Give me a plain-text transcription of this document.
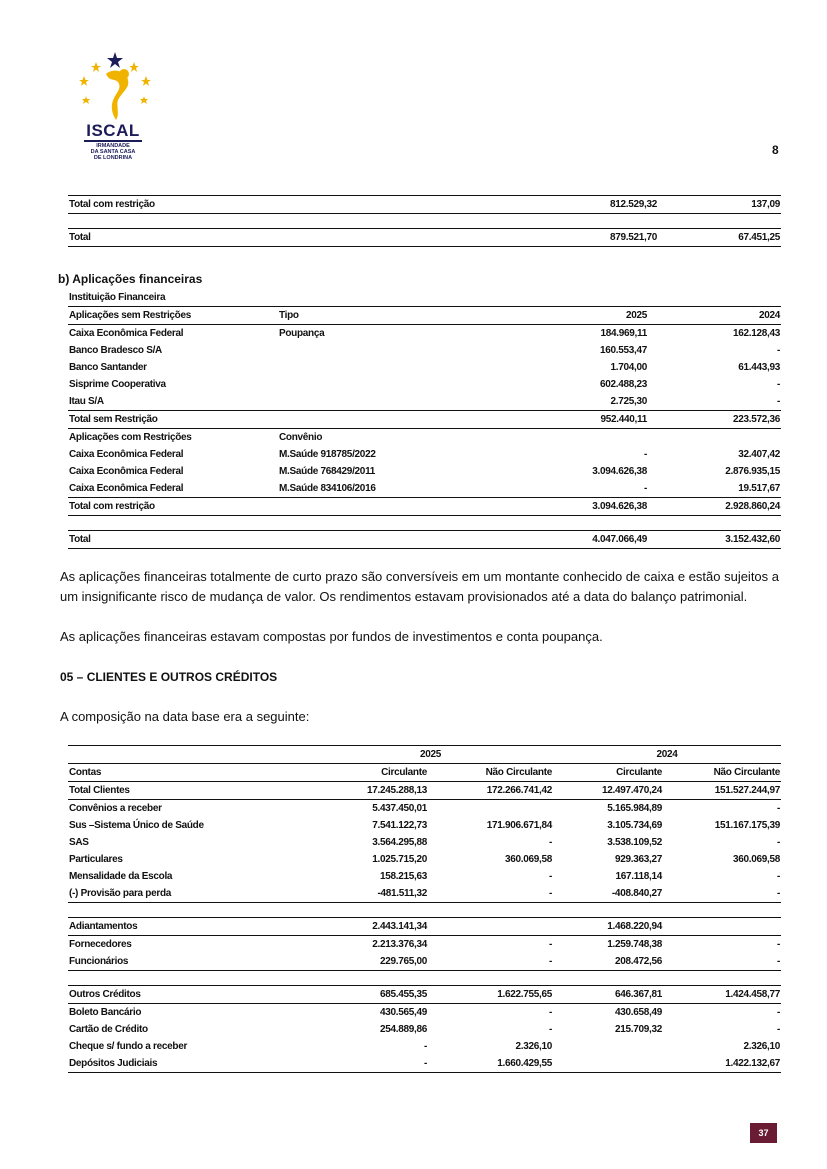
ISCAL
IRMANDADE
DA SANTA CASA
DE LONDRINA
8
Total com restrição		812.529,32	137,09

Total		879.521,70	67.451,25
b) Aplicações financeiras
Instituição Financeira			
Aplicações sem Restrições	Tipo	2025	2024
Caixa Econômica Federal	Poupança	184.969,11	162.128,43
Banco Bradesco S/A		160.553,47	-
Banco Santander		1.704,00	61.443,93
Sisprime Cooperativa		602.488,23	-
Itau S/A		2.725,30	-
Total sem Restrição		952.440,11	223.572,36
Aplicações com Restrições	Convênio		
Caixa Econômica Federal	M.Saúde 918785/2022	-	32.407,42
Caixa Econômica Federal	M.Saúde 768429/2011	3.094.626,38	2.876.935,15
Caixa Econômica Federal	M.Saúde 834106/2016	-	19.517,67
Total com restrição		3.094.626,38	2.928.860,24

Total		4.047.066,49	3.152.432,60
As aplicações financeiras totalmente de curto prazo são conversíveis em um montante conhecido de caixa e estão sujeitos a um insignificante risco de mudança de valor. Os rendimentos estavam provisionados até a data do balanço patrimonial.
As aplicações financeiras estavam compostas por fundos de investimentos e conta poupança.
05 – CLIENTES E OUTROS CRÉDITOS
A composição na data base era a seguinte:
	2025		2024	
Contas	Circulante	Não Circulante	Circulante	Não Circulante
Total Clientes	17.245.288,13	172.266.741,42	12.497.470,24	151.527.244,97
Convênios a receber	5.437.450,01		5.165.984,89	-
Sus –Sistema Único de Saúde	7.541.122,73	171.906.671,84	3.105.734,69	151.167.175,39
SAS	3.564.295,88	-	3.538.109,52	-
Particulares	1.025.715,20	360.069,58	929.363,27	360.069,58
Mensalidade da Escola	158.215,63	-	167.118,14	-
(-) Provisão para perda	-481.511,32	-	-408.840,27	-

Adiantamentos	2.443.141,34		1.468.220,94	
Fornecedores	2.213.376,34	-	1.259.748,38	-
Funcionários	229.765,00	-	208.472,56	-

Outros Créditos	685.455,35	1.622.755,65	646.367,81	1.424.458,77
Boleto Bancário	430.565,49	-	430.658,49	-
Cartão de Crédito	254.889,86	-	215.709,32	-
Cheque s/ fundo a receber	-	2.326,10		2.326,10
Depósitos Judiciais	-	1.660.429,55		1.422.132,67
37
